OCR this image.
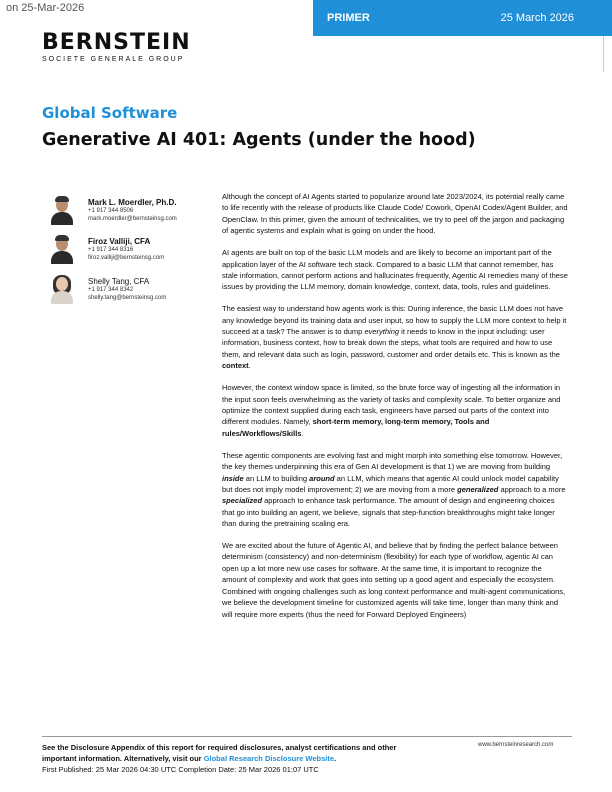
on 25-Mar-2026
PRIMER	25 March 2026
BERNSTEIN
SOCIETE GENERALE GROUP
Global Software
Generative AI 401: Agents (under the hood)
Mark L. Moerdler, Ph.D.
+1 917 344 8506
mark.moerdler@bernsteinsg.com
Firoz Valliji, CFA
+1 917 344 8316
firoz.valliji@bernsteinsg.com
Shelly Tang, CFA
+1 917 344 8342
shelly.tang@bernsteinsg.com

Although the concept of AI Agents started to popularize around late 2023/2024, its potential really came to life recently with the release of products like Claude Code/ Cowork, OpenAI Codex/Agent Builder, and OpenClaw. In this primer, given the amount of technicalities, we try to peel off the jargon and packaging of agentic systems and explain what is going on under the hood.

AI agents are built on top of the basic LLM models and are likely to become an important part of the application layer of the AI software tech stack. Compared to a basic LLM that cannot remember, has stale information, cannot perform actions and hallucinates frequently, Agentic AI remedies many of these issues by providing the LLM memory, domain knowledge, context, data, tools, rules and guidelines.

The easiest way to understand how agents work is this: During inference, the basic LLM does not have any knowledge beyond its training data and user input, so how to supply the LLM more context to help it succeed at a task? The answer is to dump everything it needs to know in the input including: user information, business context, how to break down the steps, what tools are required and how to use them, and relevant data such as login, password, customer and order details etc. This is known as the context.

However, the context window space is limited, so the brute force way of ingesting all the information in the input soon feels overwhelming as the variety of tasks and complexity scale. To better organize and optimize the context supplied during each task, engineers have parsed out parts of the context into different modules. Namely, short-term memory, long-term memory, Tools and rules/Workflows/Skills.

These agentic components are evolving fast and might morph into something else tomorrow. However, the key themes underpinning this era of Gen AI development is that 1) we are moving from building inside an LLM to building around an LLM, which means that agentic AI could unlock model capability but does not imply model improvement; 2) we are moving from a more generalized approach to a more specialized approach to enhance task performance. The amount of design and engineering choices that go into building an agent, we believe, signals that step-function breakthroughs might take longer than during the pretraining scaling era.

We are excited about the future of Agentic AI, and believe that by finding the perfect balance between determinism (consistency) and non-determinism (flexibility) for each type of workflow, agentic AI can open up a lot more new use cases for software. At the same time, it is important to recognize the amount of complexity and work that goes into setting up a good agent and especially the ecosystem. Combined with ongoing challenges such as long context performance and multi-agent communications, we believe the development timeline for customized agents will take time, longer than many think and will require more experts (thus the need for Forward Deployed Engineers)

See the Disclosure Appendix of this report for required disclosures, analyst certifications and other
important information. Alternatively, visit our Global Research Disclosure Website.
First Published: 25 Mar 2026 04:30 UTC Completion Date: 25 Mar 2026 01:07 UTC
www.bernsteinresearch.com
